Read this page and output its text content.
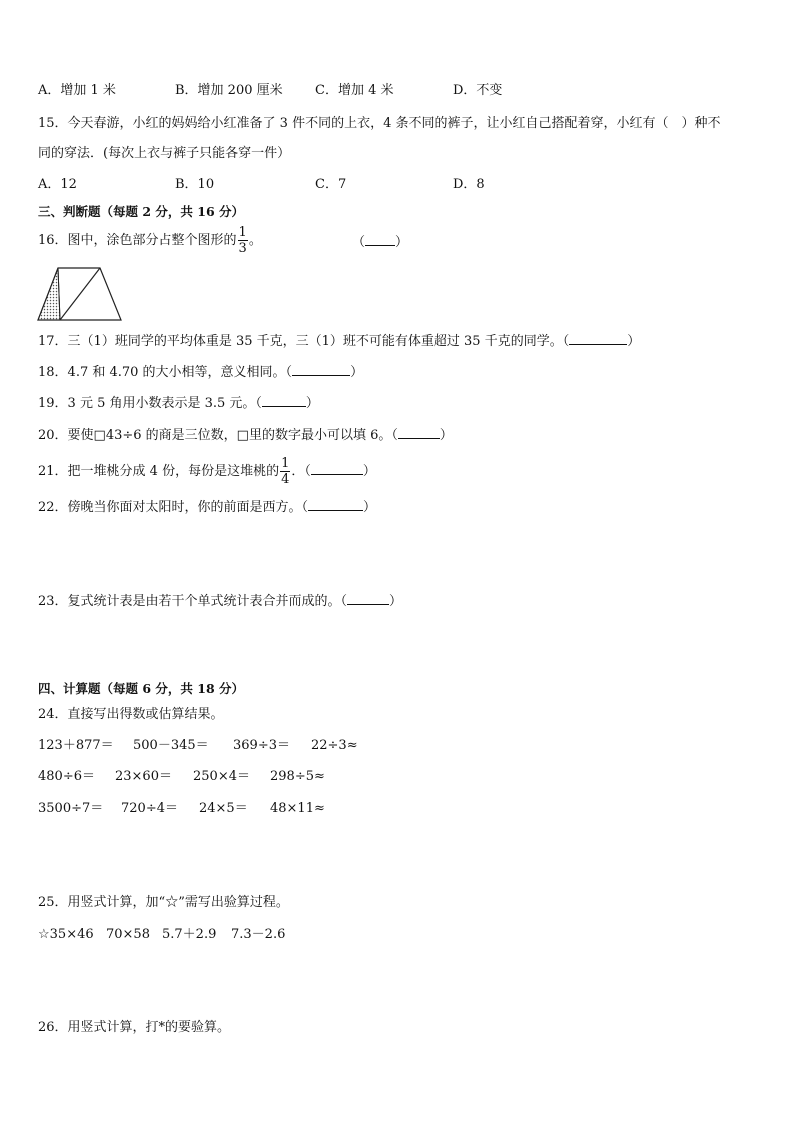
A．增加 1 米	B．增加 200 厘米 C．增加 4 米	D．不变
15．今天春游，小红的妈妈给小红准备了 3 件不同的上衣，4 条不同的裤子，让小红自己搭配着穿，小红有（　）种不
同的穿法．(每次上衣与裤子只能各穿一件）
A．12	B．10	C．7	D．8
三、判断题（每题 2 分，共 16 分）
16．图中，涂色部分占整个图形的 $\frac{1}{3}$ 。	（ ）
17．三（1）班同学的平均体重是 35 千克，三（1）班不可能有体重超过 35 千克的同学。（	）
18．4.7 和 4.70 的大小相等，意义相同。（	）
19．3 元 5 角用小数表示是 3.5 元。（	）
20．要使□43÷6 的商是三位数，□里的数字最小可以填 6。（	）
21．把一堆桃分成 4 份，每份是这堆桃的 $\frac{1}{4}$ ．（	）
22．傍晚当你面对太阳时，你的前面是西方。（	）
23．复式统计表是由若干个单式统计表合并而成的。（	）
四、计算题（每题 6 分，共 18 分）
24．直接写出得数或估算结果。
123＋877＝ 500－345＝ 369÷3＝ 22÷3≈
480÷6＝ 23×60＝ 250×4＝ 298÷5≈
3500÷7＝ 720÷4＝ 24×5＝ 48×11≈
25．用竖式计算，加“☆”需写出验算过程。
☆35×46 70×58 5.7＋2.9 7.3－2.6
26．用竖式计算，打*的要验算。
